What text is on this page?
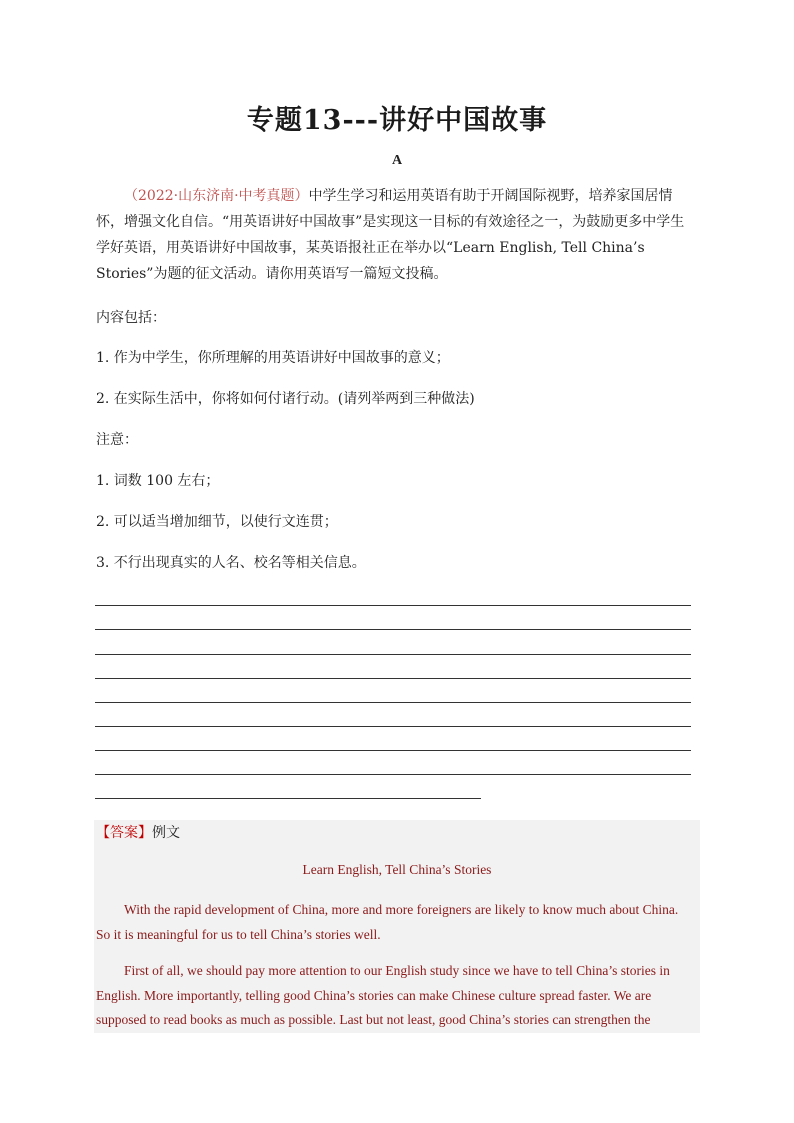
专题13---讲好中国故事
A
（2022·山东济南·中考真题）中学生学习和运用英语有助于开阔国际视野，培养家国居情怀，增强文化自信。“用英语讲好中国故事”是实现这一目标的有效途径之一，为鼓励更多中学生学好英语，用英语讲好中国故事，某英语报社正在举办以“Learn English, Tell China’s Stories”为题的征文活动。请你用英语写一篇短文投稿。
内容包括：
1. 作为中学生，你所理解的用英语讲好中国故事的意义；
2. 在实际生活中，你将如何付诸行动。(请列举两到三种做法)
注意：
1. 词数 100 左右；
2. 可以适当增加细节，以使行文连贯；
3. 不行出现真实的人名、校名等相关信息。
【答案】例文
Learn English, Tell China’s Stories
With the rapid development of China, more and more foreigners are likely to know much about China. So it is meaningful for us to tell China’s stories well.
First of all, we should pay more attention to our English study since we have to tell China’s stories in English. More importantly, telling good China’s stories can make Chinese culture spread faster. We are supposed to read books as much as possible. Last but not least, good China’s stories can strengthen the
